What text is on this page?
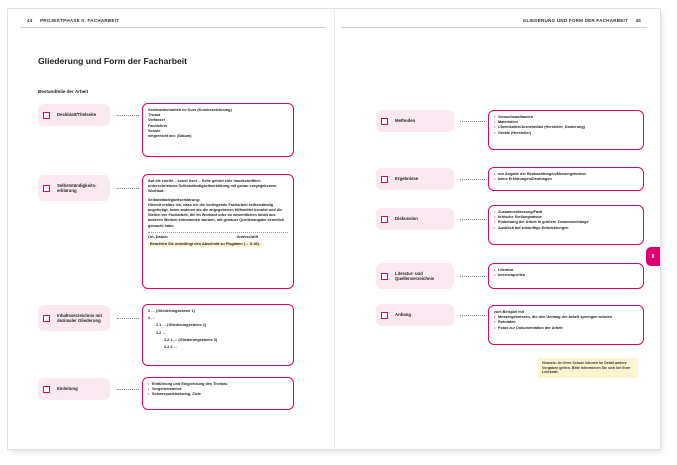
44 PROJEKTPHASE II: FACHARBEIT	GLIEDERUNG UND FORM DER FACHARBEIT 45
Gliederung und Form der Facharbeit
Bestandteile der Arbeit
Deckblatt/Titelseite
Seminarfacharbeit im Kurs (Kursbezeichnung)
Thema
Verfasser
Fachlehrer
Schule
eingereicht am: (Datum)
Selbstständigkeits-
erklärung
Auf die zweite – sonst leere – Seite gehört eine handschriftlich unterschriebene Selbstständigkeitserklärung mit genau vorgegebenem Wortlaut:
Selbstständigkeitserklärung:
Hiermit erkläre ich, dass ich die vorliegende Facharbeit selbstständig angefertigt, keine anderen als die angegebenen Hilfsmittel benutzt und die Stellen der Facharbeit, die im Wortlaut oder im wesentlichen Inhalt aus anderen Werken entnommen wurden, mit genauer Quellenangabe kenntlich gemacht habe.
Ort, Datum	Unterschrift
Beachten Sie unbedingt den Abschnitt zu Plagiaten (→ S.46).
Inhaltsverzeichnis mit
dezimaler Gliederung
1 … (Gliederungsebene 1)
2 …
2.1 … (Gliederungsebene 2)
2.2 …
2.2.1 … (Gliederungsebene 3)
2.2.2 …
Einleitung
• Einführung und Eingrenzung des Themas
• Vorgehensweise
• Schwerpunktsetzung, Ziele
Methoden
• Versuchsaufbauten
• Materialien
• Chemikalien/Arzneimittel (Hersteller, Dosierung)
• Geräte (Hersteller)
Ergebnisse
• nur Angabe der Beobachtungen/Messergebnisse
• keine Erklärungen/Deutungen
Diskussion
• Zusammenfassung/Fazit
• kritische Stellungnahme
• Einbettung der Arbeit in größere Zusammenhänge
• Ausblick auf zukünftige Entwicklungen
Literatur- und
Quellenverzeichnis
• Literatur
• Internetquellen
Anhang
zum Beispiel mit
• Messergebnissen, die den Umfang der Arbeit sprengen würden
• Rohdaten
• Fotos zur Dokumentation der Arbeit
Hinweis: An Ihrer Schule können im Detail andere Vorgaben gelten. Bitte informieren Sie sich bei Ihrer Lehrkraft.
II
